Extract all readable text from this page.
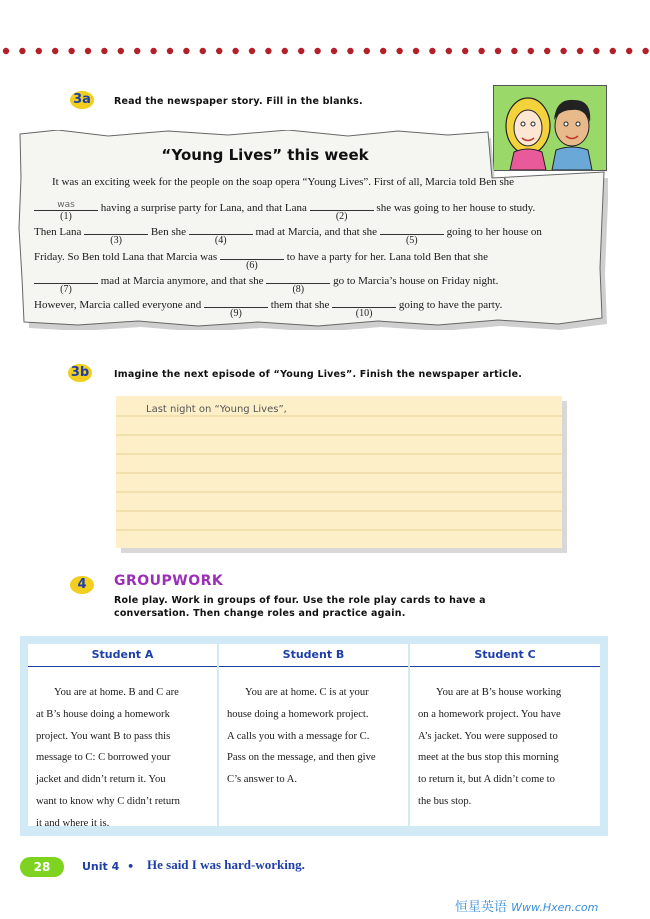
3a	Read the newspaper story. Fill in the blanks.
“Young Lives” this week
It was an exciting week for the people on the soap opera “Young Lives”. First of all, Marcia told Ben she
was
(1)
having a surprise party for Lana, and that Lana
(2)
she was going to her house to study.
Then Lana
(3)
Ben she
(4)
mad at Marcia, and that she
(5)
going to her house on
Friday. So Ben told Lana that Marcia was
(6)
to have a party for her. Lana told Ben that she
(7)
mad at Marcia anymore, and that she
(8)
go to Marcia’s house on Friday night.
However, Marcia called everyone and
(9)
them that she
(10)
going to have the party.
3b	Imagine the next episode of “Young Lives”. Finish the newspaper article.
Last night on “Young Lives”,
4	GROUPWORK
Role play. Work in groups of four. Use the role play cards to have a
conversation. Then change roles and practice again.
Student A
You are at home. B and C are
at B’s house doing a homework
project. You want B to pass this
message to C: C borrowed your
jacket and didn’t return it. You
want to know why C didn’t return
it and where it is.
Student B
You are at home. C is at your
house doing a homework project.
A calls you with a message for C.
Pass on the message, and then give
C’s answer to A.
Student C
You are at B’s house working
on a homework project. You have
A’s jacket. You were supposed to
meet at the bus stop this morning
to return it, but A didn’t come to
the bus stop.
28	Unit 4 • He said I was hard-working.
恒星英语 Www.Hxen.com
